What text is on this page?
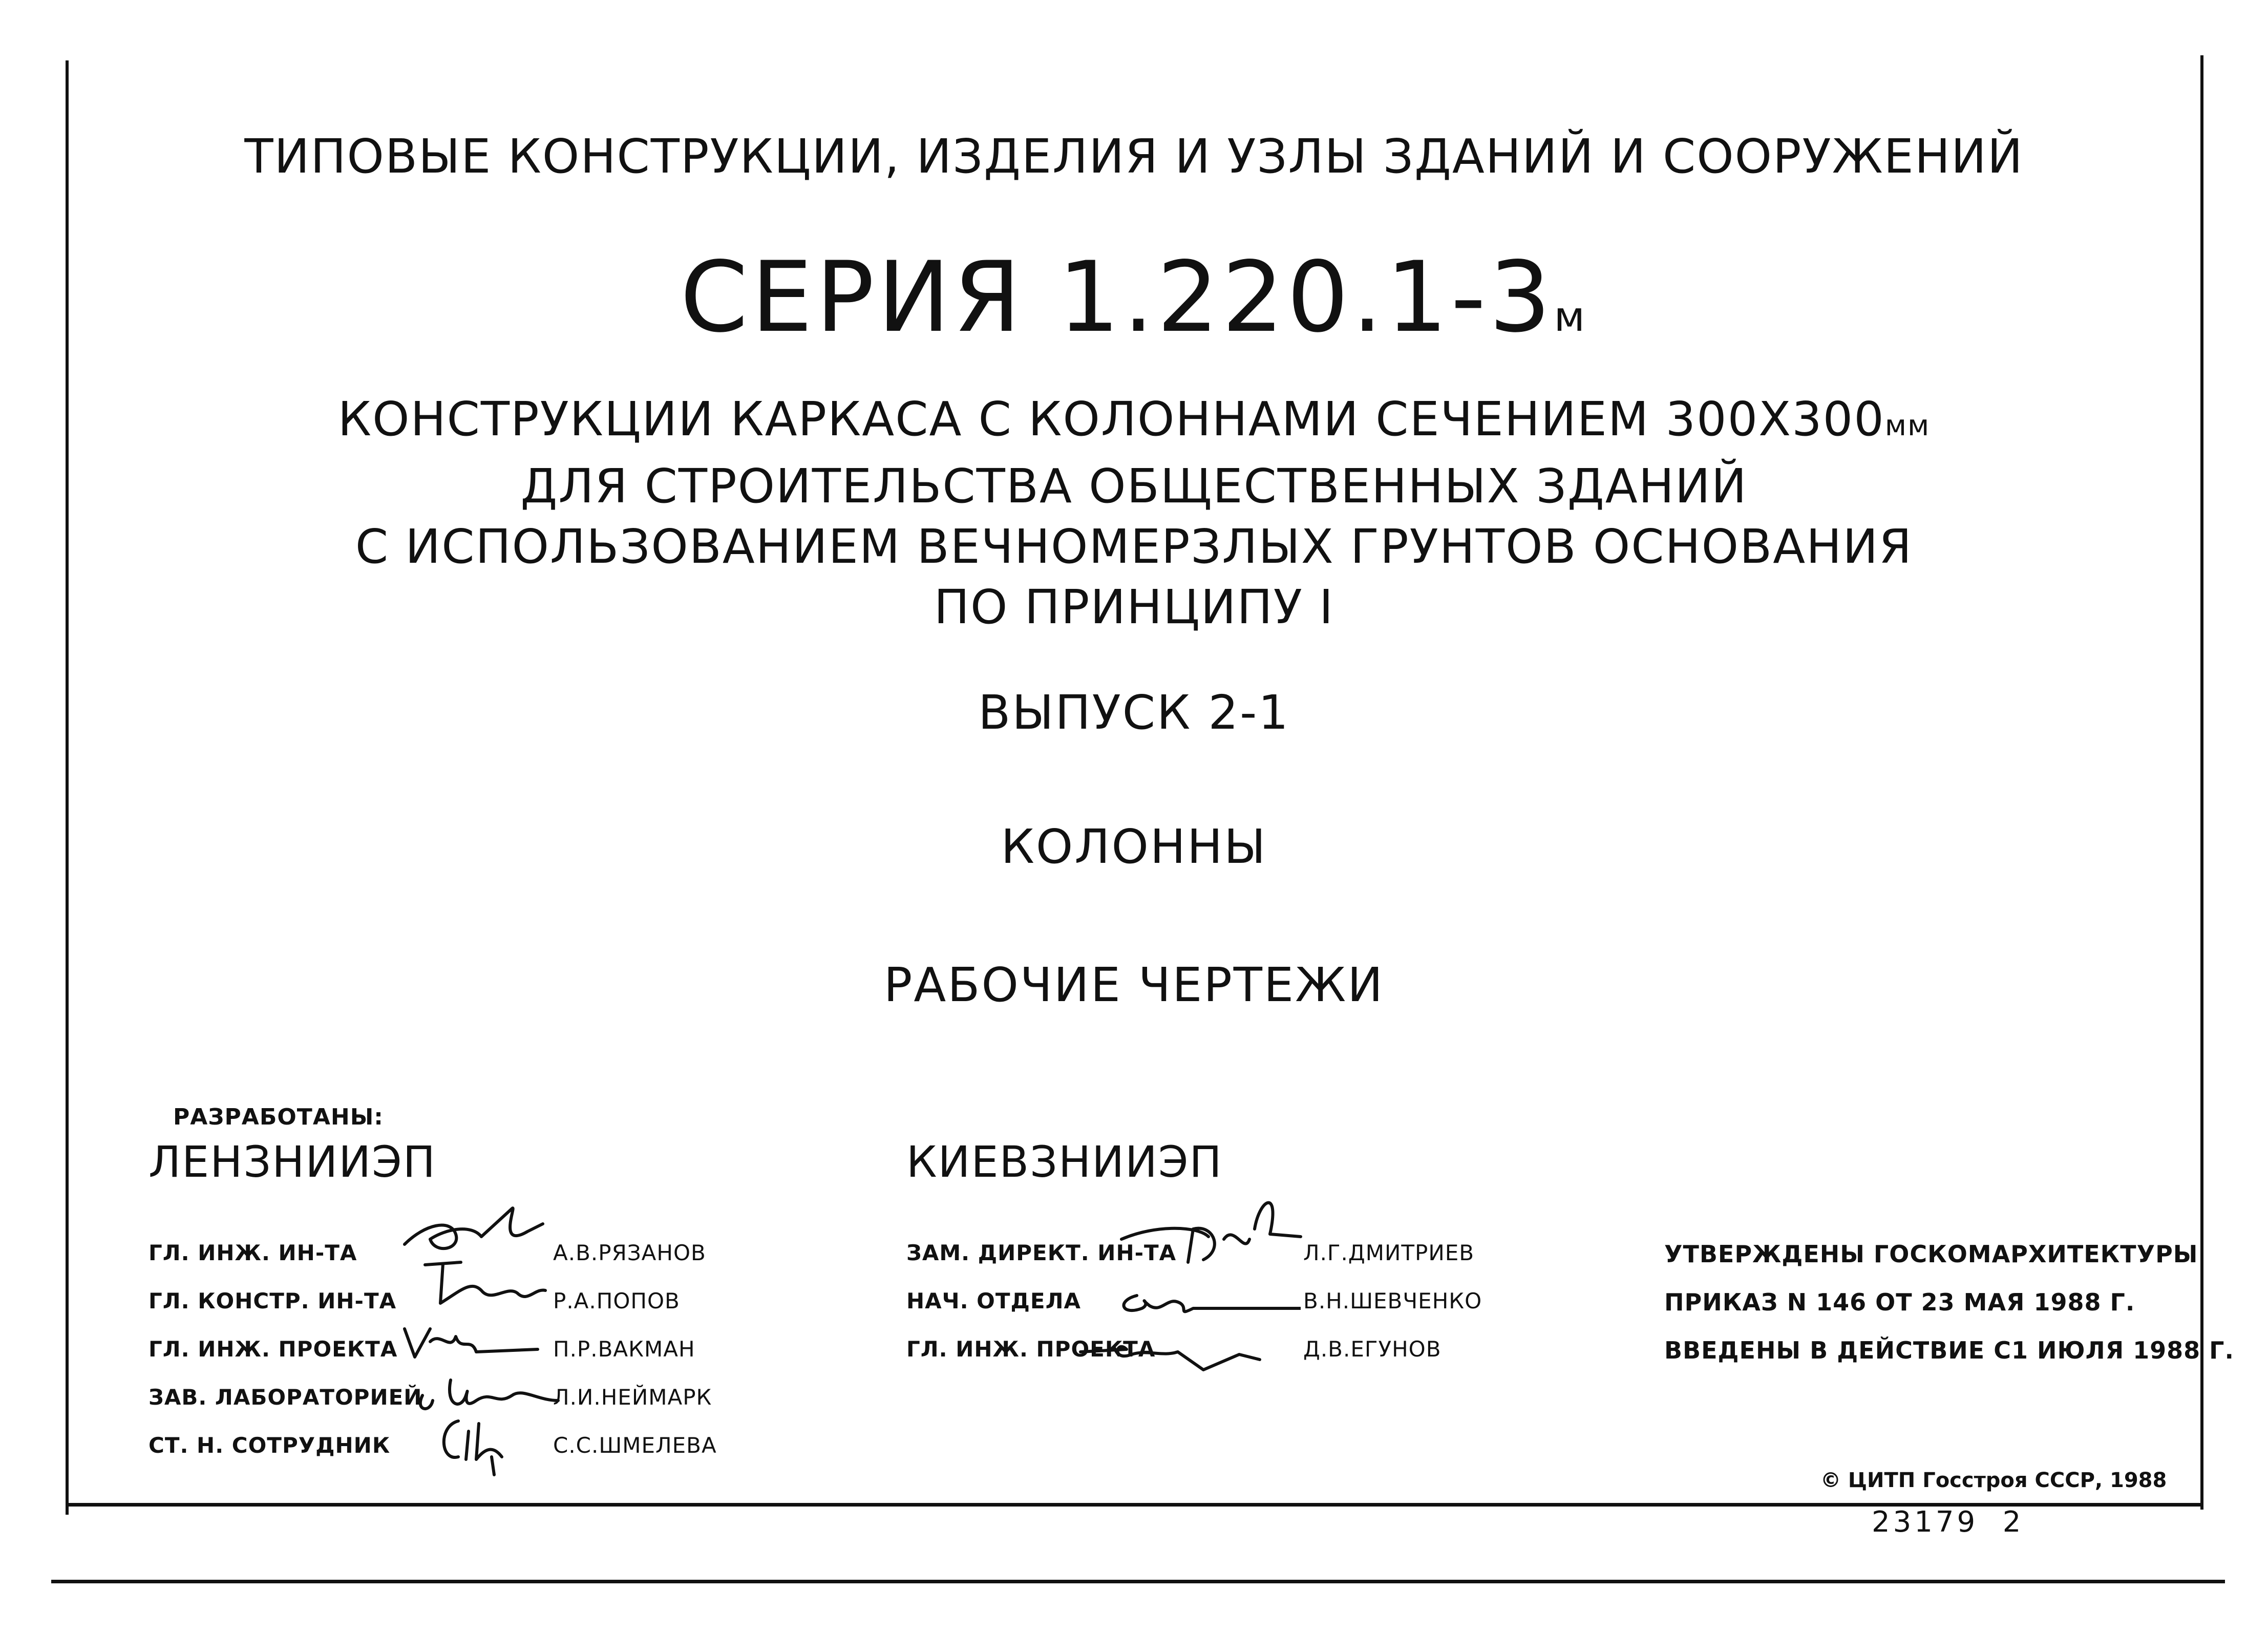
ТИПОВЫЕ КОНСТРУКЦИИ, ИЗДЕЛИЯ И УЗЛЫ ЗДАНИЙ И СООРУЖЕНИЙ
СЕРИЯ 1.220.1-3м
КОНСТРУКЦИИ КАРКАСА С КОЛОННАМИ СЕЧЕНИЕМ 300Х300мм
ДЛЯ СТРОИТЕЛЬСТВА ОБЩЕСТВЕННЫХ ЗДАНИЙ
С ИСПОЛЬЗОВАНИЕМ ВЕЧНОМЕРЗЛЫХ ГРУНТОВ ОСНОВАНИЯ
ПО ПРИНЦИПУ I
ВЫПУСК 2-1
КОЛОННЫ
РАБОЧИЕ ЧЕРТЕЖИ
РАЗРАБОТАНЫ:
ЛЕНЗНИИЭП	КИЕВЗНИИЭП
ГЛ. ИНЖ. ИН-ТА	А.В.РЯЗАНОВ
ГЛ. КОНСТР. ИН-ТА	Р.А.ПОПОВ
ГЛ. ИНЖ. ПРОЕКТА	П.Р.ВАКМАН
ЗАВ. ЛАБОРАТОРИЕЙ	Л.И.НЕЙМАРК
СТ. Н. СОТРУДНИК	С.С.ШМЕЛЕВА
ЗАМ. ДИРЕКТ. ИН-ТА	Л.Г.ДМИТРИЕВ
НАЧ. ОТДЕЛА	В.Н.ШЕВЧЕНКО
ГЛ. ИНЖ. ПРОЕКТА	Д.В.ЕГУНОВ
УТВЕРЖДЕНЫ ГОСКОМАРХИТЕКТУРЫ
ПРИКАЗ N 146 ОТ 23 МАЯ 1988 Г.
ВВЕДЕНЫ В ДЕЙСТВИЕ С1 ИЮЛЯ 1988 Г.
© ЦИТП Госстроя СССР, 1988
23179  2
